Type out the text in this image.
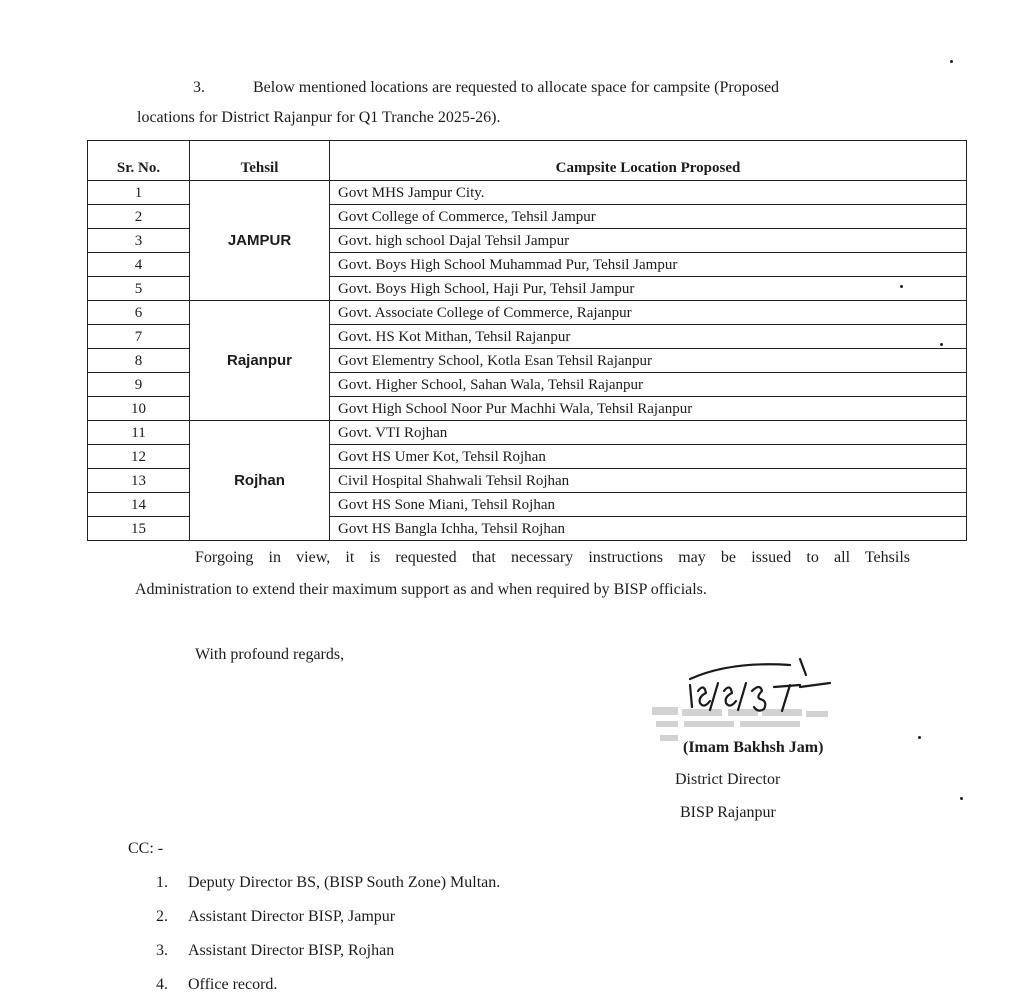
3.	Below mentioned locations are requested to allocate space for campsite (Proposed
locations for District Rajanpur for Q1 Tranche 2025-26).
Sr. No.	Tehsil	Campsite Location Proposed
1	JAMPUR	Govt MHS Jampur City.
2		Govt College of Commerce, Tehsil Jampur
3		Govt. high school Dajal Tehsil Jampur
4		Govt. Boys High School Muhammad Pur, Tehsil Jampur
5		Govt. Boys High School, Haji Pur, Tehsil Jampur
6	Rajanpur	Govt. Associate College of Commerce, Rajanpur
7		Govt. HS Kot Mithan, Tehsil Rajanpur
8		Govt Elementry School, Kotla Esan Tehsil Rajanpur
9		Govt. Higher School, Sahan Wala, Tehsil Rajanpur
10		Govt High School Noor Pur Machhi Wala, Tehsil Rajanpur
11	Rojhan	Govt. VTI Rojhan
12		Govt HS Umer Kot, Tehsil Rojhan
13		Civil Hospital Shahwali Tehsil Rojhan
14		Govt HS Sone Miani, Tehsil Rojhan
15		Govt HS Bangla Ichha, Tehsil Rojhan
Forgoing in view, it is requested that necessary instructions may be issued to all Tehsils
Administration to extend their maximum support as and when required by BISP officials.
With profound regards,
(Imam Bakhsh Jam)
District Director
BISP Rajanpur
CC: -
1. Deputy Director BS, (BISP South Zone) Multan.
2. Assistant Director BISP, Jampur
3. Assistant Director BISP, Rojhan
4. Office record.
